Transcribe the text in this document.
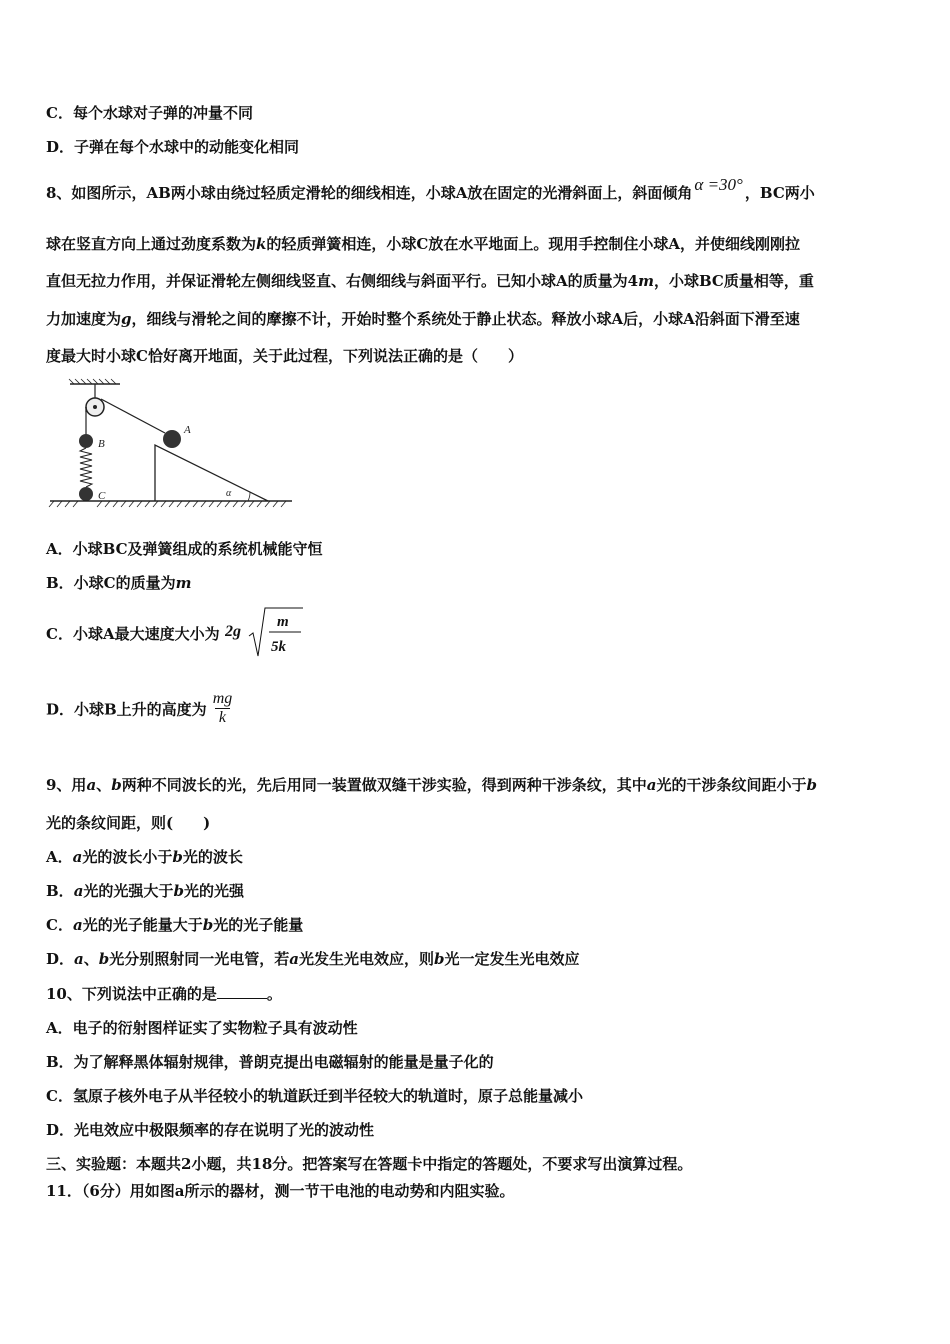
C．每个水球对子弹的冲量不同
D．子弹在每个水球中的动能变化相同
8、如图所示，AB两小球由绕过轻质定滑轮的细线相连，小球A放在固定的光滑斜面上，斜面倾角 α =30° ，BC两小
球在竖直方向上通过劲度系数为k的轻质弹簧相连，小球C放在水平地面上。现用手控制住小球A，并使细线刚刚拉
直但无拉力作用，并保证滑轮左侧细线竖直、右侧细线与斜面平行。已知小球A的质量为4m，小球BC质量相等，重
力加速度为g，细线与滑轮之间的摩擦不计，开始时整个系统处于静止状态。释放小球A后，小球A沿斜面下滑至速
度最大时小球C恰好离开地面，关于此过程，下列说法正确的是（　　）
B
C	α
A
A．小球BC及弹簧组成的系统机械能守恒
B．小球C的质量为m
C．小球A最大速度大小为 2g
m
5k
D．小球B上升的高度为 $\frac{mg}{k}$
9、用a、b两种不同波长的光，先后用同一装置做双缝干涉实验，得到两种干涉条纹，其中a光的干涉条纹间距小于b
光的条纹间距，则(　　)
A．a光的波长小于b光的波长
B．a光的光强大于b光的光强
C．a光的光子能量大于b光的光子能量
D．a、b光分别照射同一光电管，若a光发生光电效应，则b光一定发生光电效应
10、下列说法中正确的是	。
A．电子的衍射图样证实了实物粒子具有波动性
B．为了解释黑体辐射规律，普朗克提出电磁辐射的能量是量子化的
C．氢原子核外电子从半径较小的轨道跃迁到半径较大的轨道时，原子总能量减小
D．光电效应中极限频率的存在说明了光的波动性
三、实验题：本题共2小题，共18分。把答案写在答题卡中指定的答题处，不要求写出演算过程。
11．（6分）用如图a所示的器材，测一节干电池的电动势和内阻实验。
